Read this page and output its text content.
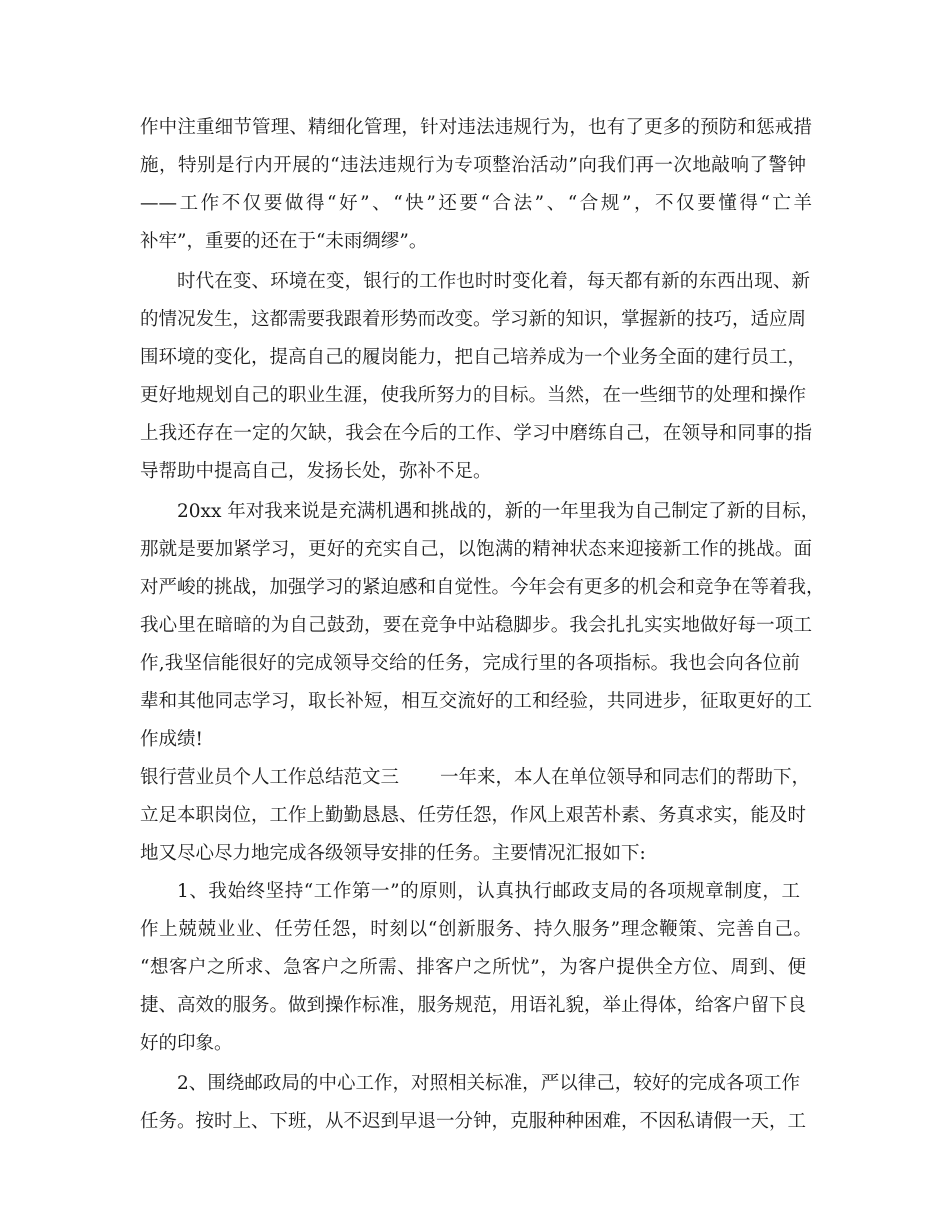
作中注重细节管理、精细化管理，针对违法违规行为，也有了更多的预防和惩戒措
施，特别是行内开展的“违法违规行为专项整治活动”向我们再一次地敲响了警钟
——工作不仅要做得“好”、“快”还要“合法”、“合规”，不仅要懂得“亡羊
补牢”，重要的还在于“未雨绸缪”。
时代在变、环境在变，银行的工作也时时变化着，每天都有新的东西出现、新
的情况发生，这都需要我跟着形势而改变。学习新的知识，掌握新的技巧，适应周
围环境的变化，提高自己的履岗能力，把自己培养成为一个业务全面的建行员工，
更好地规划自己的职业生涯，使我所努力的目标。当然，在一些细节的处理和操作
上我还存在一定的欠缺，我会在今后的工作、学习中磨练自己，在领导和同事的指
导帮助中提高自己，发扬长处，弥补不足。
20xx 年对我来说是充满机遇和挑战的，新的一年里我为自己制定了新的目标，
那就是要加紧学习，更好的充实自己，以饱满的精神状态来迎接新工作的挑战。面
对严峻的挑战，加强学习的紧迫感和自觉性。今年会有更多的机会和竞争在等着我，
我心里在暗暗的为自己鼓劲，要在竞争中站稳脚步。我会扎扎实实地做好每一项工
作,我坚信能很好的完成领导交给的任务，完成行里的各项指标。我也会向各位前
辈和其他同志学习，取长补短，相互交流好的工和经验，共同进步，征取更好的工
作成绩!
银行营业员个人工作总结范文三 一年来，本人在单位领导和同志们的帮助下，
立足本职岗位，工作上勤勤恳恳、任劳任怨，作风上艰苦朴素、务真求实，能及时
地又尽心尽力地完成各级领导安排的任务。主要情况汇报如下:
1、我始终坚持“工作第一”的原则，认真执行邮政支局的各项规章制度，工
作上兢兢业业、任劳任怨，时刻以“创新服务、持久服务”理念鞭策、完善自己。
“想客户之所求、急客户之所需、排客户之所忧”，为客户提供全方位、周到、便
捷、高效的服务。做到操作标准，服务规范，用语礼貌，举止得体，给客户留下良
好的印象。
2、围绕邮政局的中心工作，对照相关标准，严以律己，较好的完成各项工作
任务。按时上、下班，从不迟到早退一分钟，克服种种困难，不因私请假一天，工
